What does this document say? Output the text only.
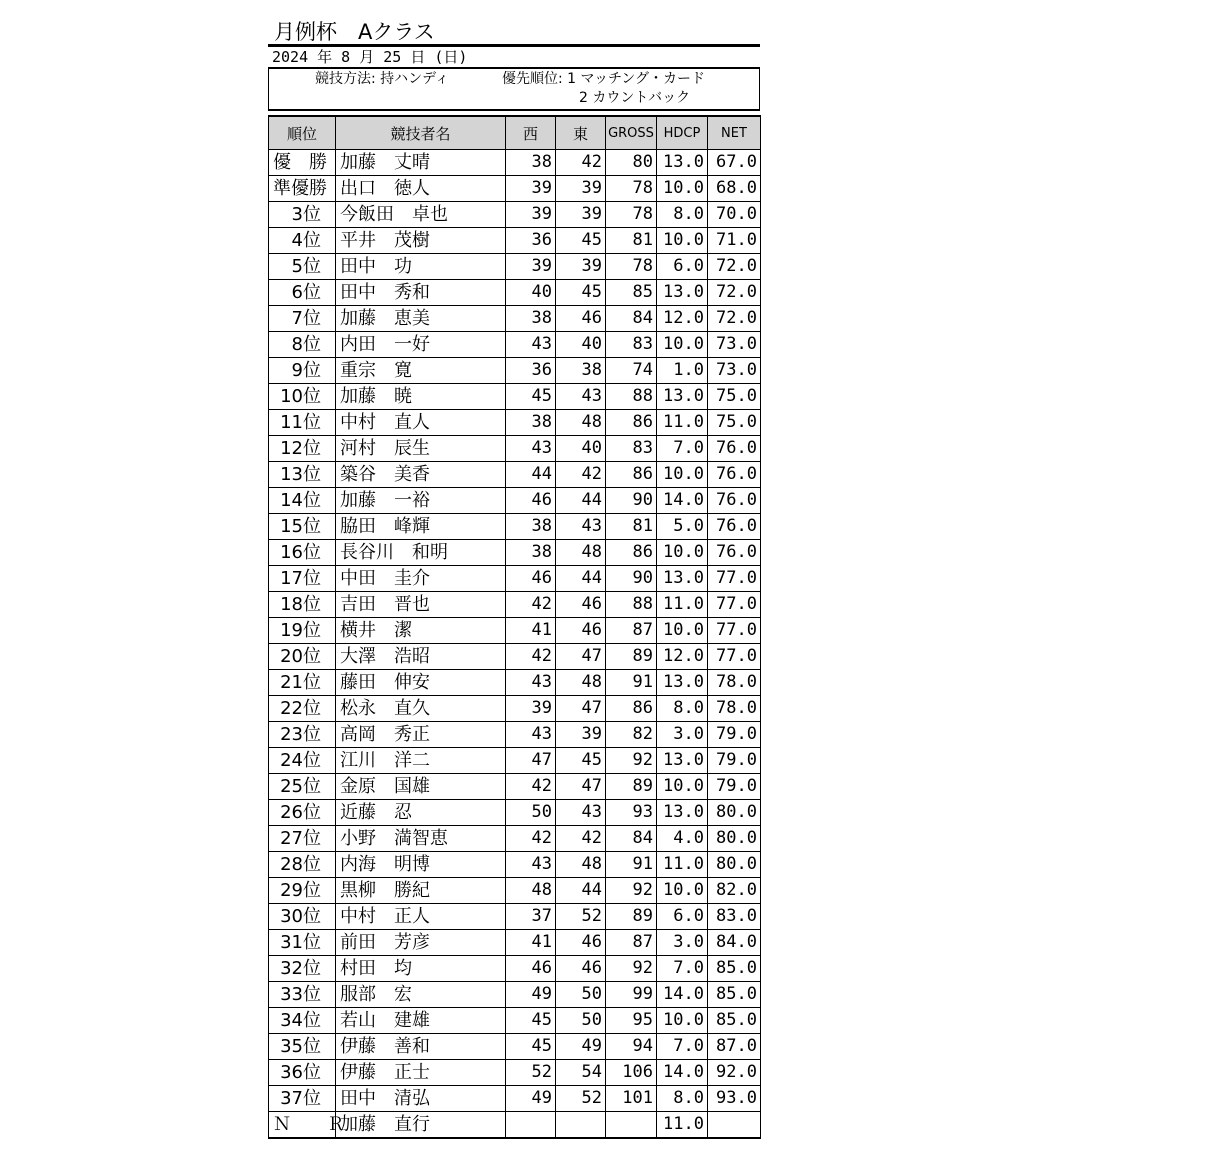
月例杯　Aクラス
2024 年 8 月 25 日 (日)
競技方法: 持ハンディ	優先順位: 1 マッチング・カード
2 カウントバック
順位	競技者名	西	東	GROSS	HDCP	NET
優　勝	加藤　丈晴	38	42	80	13.0	67.0
準優勝	出口　徳人	39	39	78	10.0	68.0
3位	今飯田　卓也	39	39	78	8.0	70.0
4位	平井　茂樹	36	45	81	10.0	71.0
5位	田中　功	39	39	78	6.0	72.0
6位	田中　秀和	40	45	85	13.0	72.0
7位	加藤　恵美	38	46	84	12.0	72.0
8位	内田　一好	43	40	83	10.0	73.0
9位	重宗　寛	36	38	74	1.0	73.0
10位	加藤　暁	45	43	88	13.0	75.0
11位	中村　直人	38	48	86	11.0	75.0
12位	河村　辰生	43	40	83	7.0	76.0
13位	築谷　美香	44	42	86	10.0	76.0
14位	加藤　一裕	46	44	90	14.0	76.0
15位	脇田　峰輝	38	43	81	5.0	76.0
16位	長谷川　和明	38	48	86	10.0	76.0
17位	中田　圭介	46	44	90	13.0	77.0
18位	吉田　晋也	42	46	88	11.0	77.0
19位	横井　潔	41	46	87	10.0	77.0
20位	大澤　浩昭	42	47	89	12.0	77.0
21位	藤田　伸安	43	48	91	13.0	78.0
22位	松永　直久	39	47	86	8.0	78.0
23位	高岡　秀正	43	39	82	3.0	79.0
24位	江川　洋二	47	45	92	13.0	79.0
25位	金原　国雄	42	47	89	10.0	79.0
26位	近藤　忍	50	43	93	13.0	80.0
27位	小野　満智恵	42	42	84	4.0	80.0
28位	内海　明博	43	48	91	11.0	80.0
29位	黒柳　勝紀	48	44	92	10.0	82.0
30位	中村　正人	37	52	89	6.0	83.0
31位	前田　芳彦	41	46	87	3.0	84.0
32位	村田　均	46	46	92	7.0	85.0
33位	服部　宏	49	50	99	14.0	85.0
34位	若山　建雄	45	50	95	10.0	85.0
35位	伊藤　善和	45	49	94	7.0	87.0
36位	伊藤　正士	52	54	106	14.0	92.0
37位	田中　清弘	49	52	101	8.0	93.0
Ｎ　　Ｒ	加藤　直行				11.0	
